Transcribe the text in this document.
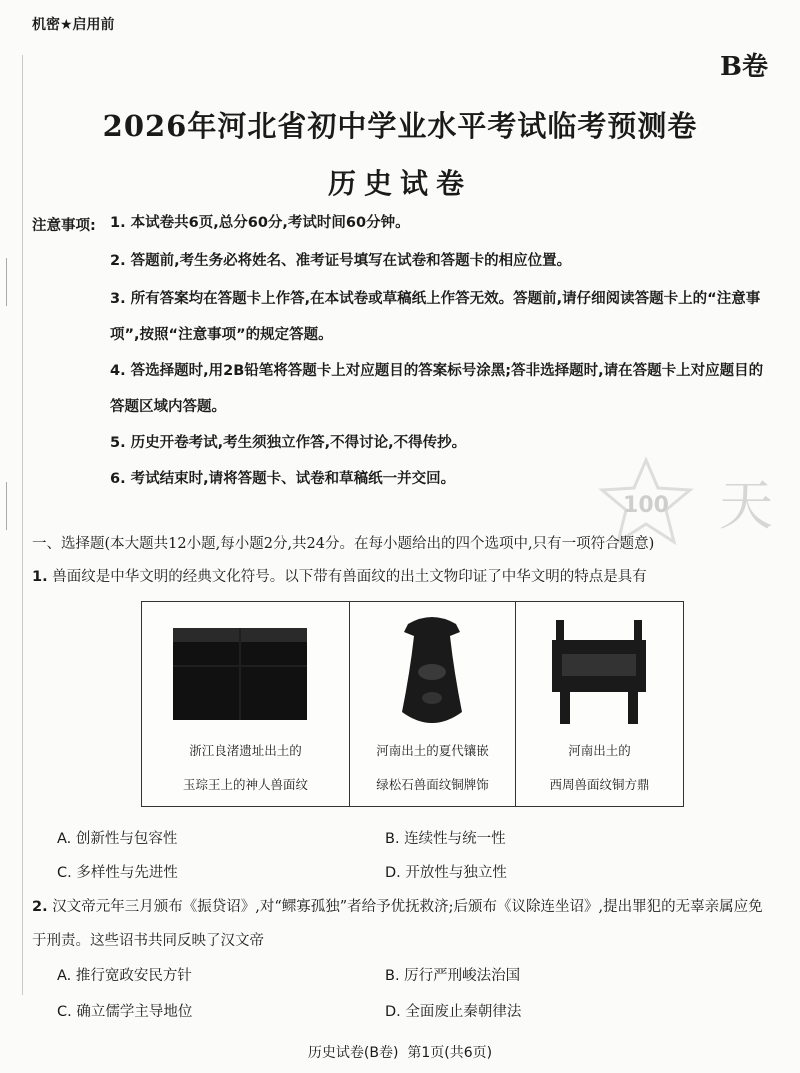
机密★启用前
B卷
2026年河北省初中学业水平考试临考预测卷
历史试卷
注意事项: 1. 本试卷共6页,总分60分,考试时间60分钟。
2. 答题前,考生务必将姓名、准考证号填写在试卷和答题卡的相应位置。
3. 所有答案均在答题卡上作答,在本试卷或草稿纸上作答无效。答题前,请仔细阅读答题卡上的“注意事项”,按照“注意事项”的规定答题。
4. 答选择题时,用2B铅笔将答题卡上对应题目的答案标号涂黑;答非选择题时,请在答题卡上对应题目的答题区域内答题。
5. 历史开卷考试,考生须独立作答,不得讨论,不得传抄。
6. 考试结束时,请将答题卡、试卷和草稿纸一并交回。
100 天
一、选择题(本大题共12小题,每小题2分,共24分。在每小题给出的四个选项中,只有一项符合题意)
1. 兽面纹是中华文明的经典文化符号。以下带有兽面纹的出土文物印证了中华文明的特点是具有
浙江良渚遗址出土的
玉琮王上的神人兽面纹
河南出土的夏代镶嵌
绿松石兽面纹铜牌饰
河南出土的
西周兽面纹铜方鼎
A. 创新性与包容性	B. 连续性与统一性
C. 多样性与先进性	D. 开放性与独立性
2. 汉文帝元年三月颁布《振贷诏》,对“鳏寡孤独”者给予优抚救济;后颁布《议除连坐诏》,提出罪犯的无辜亲属应免于刑责。这些诏书共同反映了汉文帝
A. 推行宽政安民方针	B. 厉行严刑峻法治国
C. 确立儒学主导地位	D. 全面废止秦朝律法
历史试卷(B卷)  第1页(共6页)
